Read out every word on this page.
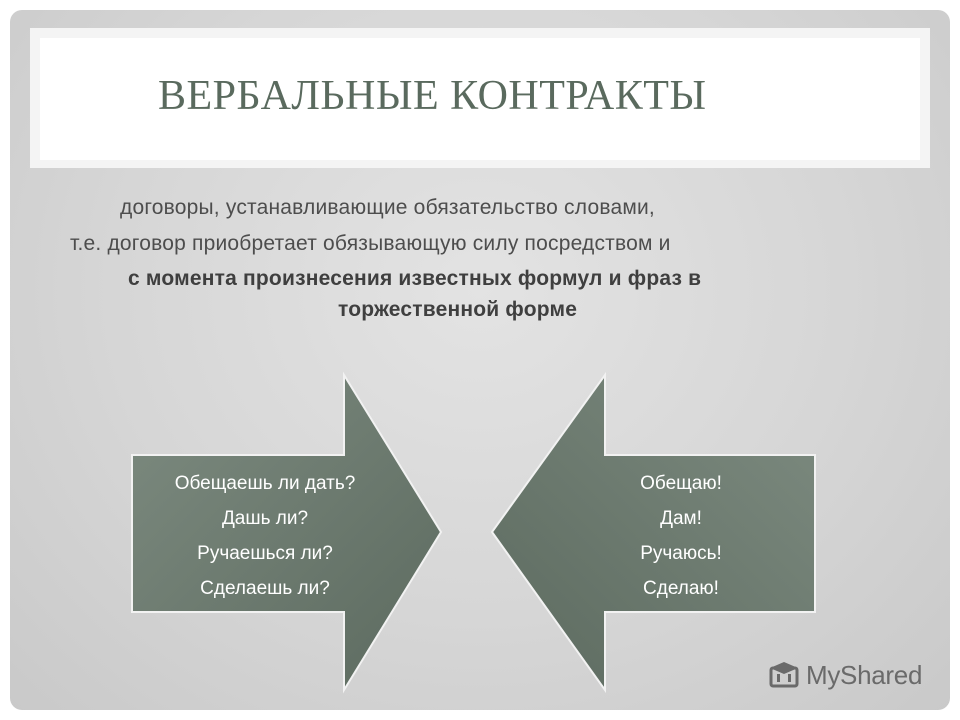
ВЕРБАЛЬНЫЕ КОНТРАКТЫ

договоры, устанавливающие обязательство словами,

т.е. договор приобретает обязывающую силу посредством и

с момента произнесения известных формул и фраз в

торжественной форме

Обещаешь ли дать?
Дашь ли?
Ручаешься ли?
Сделаешь ли?
Обещаю!
Дам!
Ручаюсь!
Сделаю!
MyShared
